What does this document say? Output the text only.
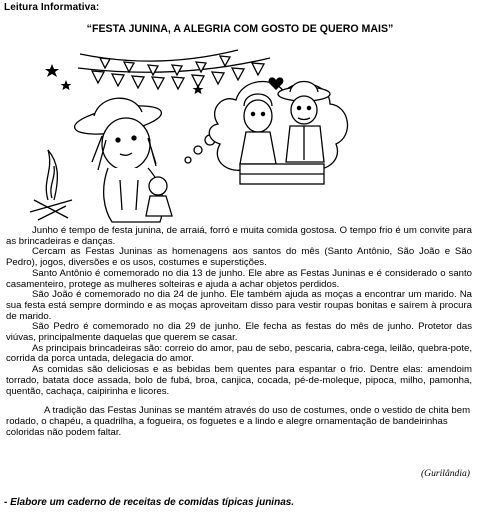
Leitura Informativa:
“FESTA JUNINA, A ALEGRIA COM GOSTO DE QUERO MAIS”

Junho é tempo de festa junina, de arraiá, forró e muita comida gostosa. O tempo frio é um convite para as brincadeiras e danças.

Cercam as Festas Juninas as homenagens aos santos do mês (Santo Antônio, São João e São Pedro), jogos, diversões e os usos, costumes e superstições.

Santo Antônio é comemorado no dia 13 de junho. Ele abre as Festas Juninas e é considerado o santo casamenteiro, protege as mulheres solteiras e ajuda a achar objetos perdidos.

São João é comemorado no dia 24 de junho. Ele também ajuda as moças a encontrar um marido. Na sua festa está sempre dormindo e as moças aproveitam disso para vestir roupas bonitas e saírem à procura de marido.

São Pedro é comemorado no dia 29 de junho. Ele fecha as festas do mês de junho. Protetor das viúvas, principalmente daquelas que querem se casar.

As principais brincadeiras são: correio do amor, pau de sebo, pescaria, cabra-cega, leilão, quebra-pote, corrida da porca untada, delegacia do amor.

As comidas são deliciosas e as bebidas bem quentes para espantar o frio. Dentre elas: amendoim torrado, batata doce assada, bolo de fubá, broa, canjica, cocada, pé-de-moleque, pipoca, milho, pamonha, quentão, cachaça, caipirinha e licores.

A tradição das Festas Juninas se mantém através do uso de costumes, onde o vestido de chita bem rodado, o chapéu, a quadrilha, a fogueira, os foguetes e a lindo e alegre ornamentação de bandeirinhas coloridas não podem faltar.

(Gurilândia)
- Elabore um caderno de receitas de comidas típicas juninas.
